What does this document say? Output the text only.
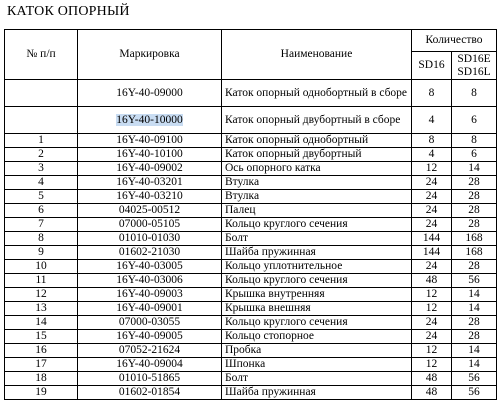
КАТОК ОПОРНЫЙ
№ п/п	Маркировка	Наименование	Количество	
			SD16	SD16E SD16L
	16Y-40-09000	Каток опорный однобортный в сборе	8	8
	16Y-40-10000	Каток опорный двубортный в сборе	4	6
1	16Y-40-09100	Каток опорный однобортный	8	8
2	16Y-40-10100	Каток опорный двубортный	4	6
3	16Y-40-09002	Ось опорного катка	12	14
4	16Y-40-03201	Втулка	24	28
5	16Y-40-03210	Втулка	24	28
6	04025-00512	Палец	24	28
7	07000-05105	Кольцо круглого сечения	24	28
8	01010-01030	Болт	144	168
9	01602-21030	Шайба пружинная	144	168
10	16Y-40-03005	Кольцо уплотнительное	24	28
11	16Y-40-03006	Кольцо круглого сечения	48	56
12	16Y-40-09003	Крышка внутренняя	12	14
13	16Y-40-09001	Крышка внешняя	12	14
14	07000-03055	Кольцо круглого сечения	24	28
15	16Y-40-09005	Кольцо стопорное	24	28
16	07052-21624	Пробка	12	14
17	16Y-40-09004	Шпонка	12	14
18	01010-51865	Болт	48	56
19	01602-01854	Шайба пружинная	48	56
